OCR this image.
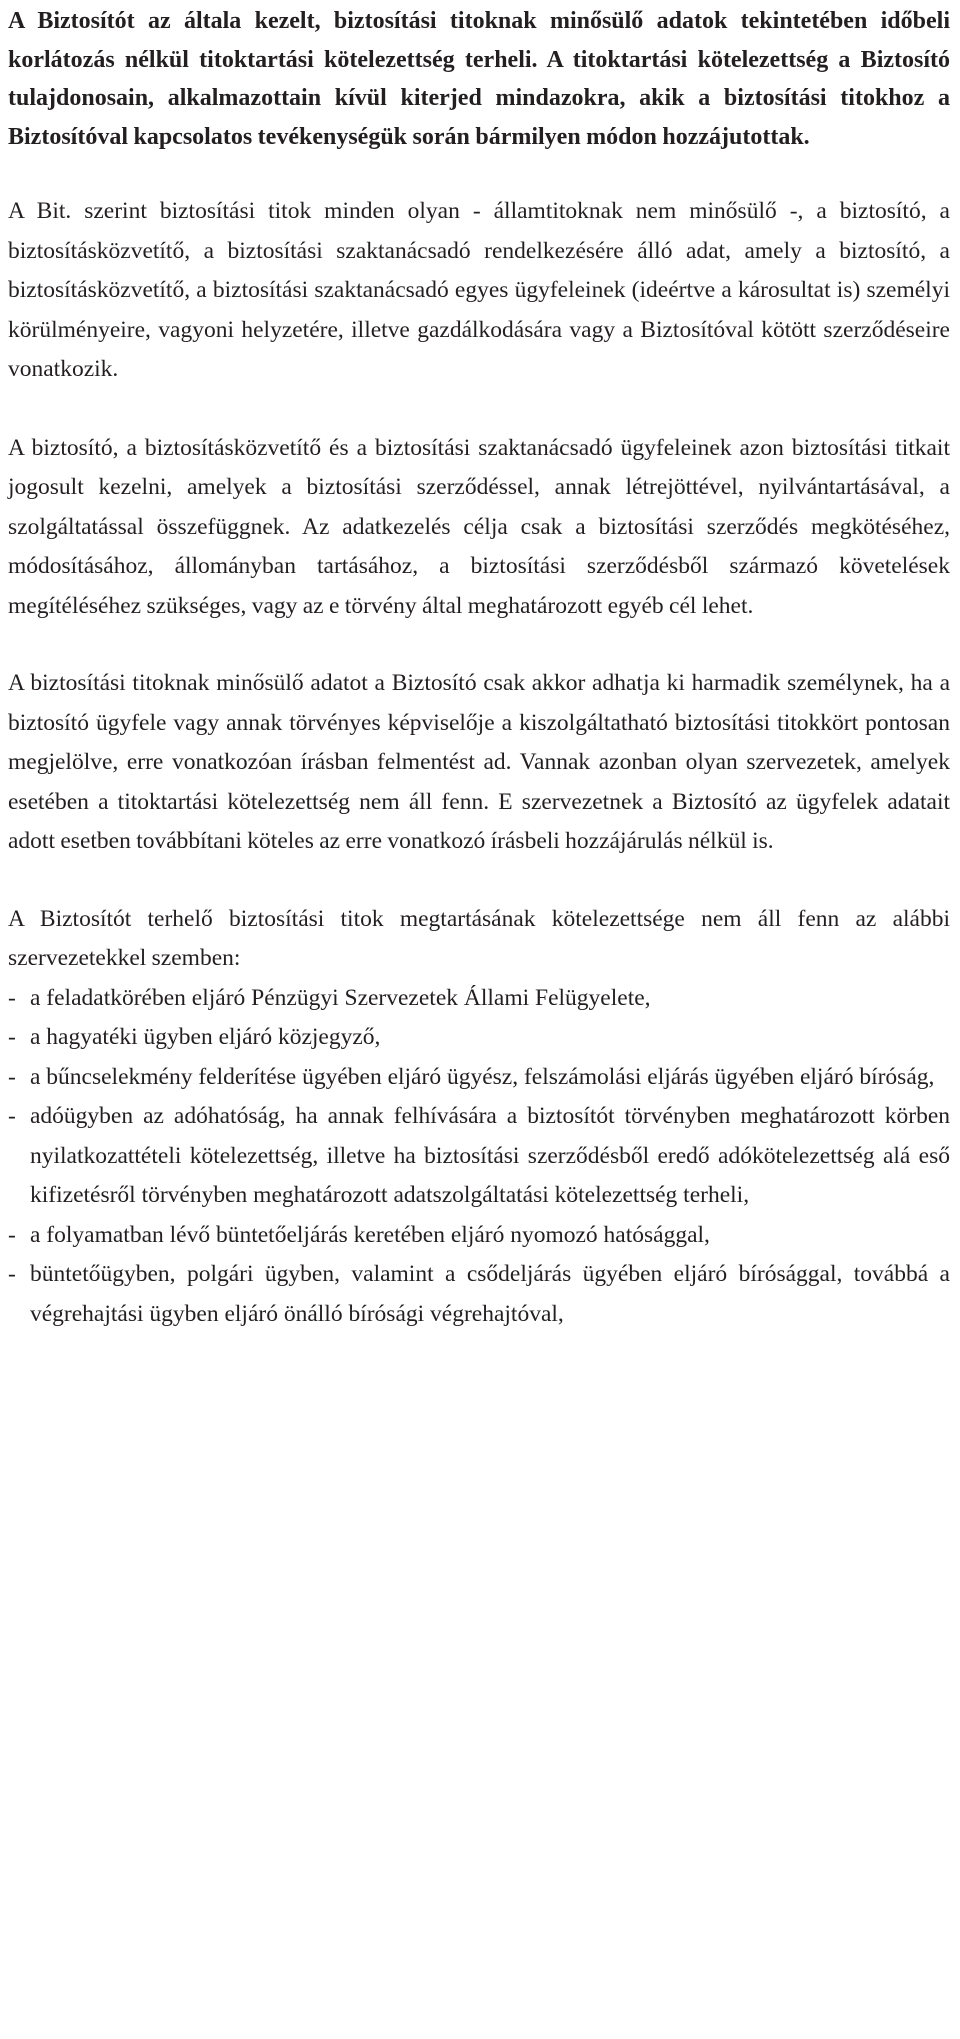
A Biztosítót az általa kezelt, biztosítási titoknak minősülő adatok tekintetében időbeli korlátozás nélkül titoktartási kötelezettség terheli. A titoktartási kötelezettség a Biztosító tulajdonosain, alkalmazottain kívül kiterjed mindazokra, akik a biztosítási titokhoz a Biztosítóval kapcsolatos tevékenységük során bármilyen módon hozzájutottak.

A Bit. szerint biztosítási titok minden olyan - államtitoknak nem minősülő -, a biztosító, a biztosításközvetítő, a biztosítási szaktanácsadó rendelkezésére álló adat, amely a biztosító, a biztosításközvetítő, a biztosítási szaktanácsadó egyes ügyfeleinek (ideértve a károsultat is) személyi körülményeire, vagyoni helyzetére, illetve gazdálkodására vagy a Biztosítóval kötött szerződéseire vonatkozik.

A biztosító, a biztosításközvetítő és a biztosítási szaktanácsadó ügyfeleinek azon biztosítási titkait jogosult kezelni, amelyek a biztosítási szerződéssel, annak létrejöttével, nyilvántartásával, a szolgáltatással összefüggnek. Az adatkezelés célja csak a biztosítási szerződés megkötéséhez, módosításához, állományban tartásához, a biztosítási szerződésből származó követelések megítéléséhez szükséges, vagy az e törvény által meghatározott egyéb cél lehet.

A biztosítási titoknak minősülő adatot a Biztosító csak akkor adhatja ki harmadik személynek, ha a biztosító ügyfele vagy annak törvényes képviselője a kiszolgáltatható biztosítási titokkört pontosan megjelölve, erre vonatkozóan írásban felmentést ad. Vannak azonban olyan szervezetek, amelyek esetében a titoktartási kötelezettség nem áll fenn. E szervezetnek a Biztosító az ügyfelek adatait adott esetben továbbítani köteles az erre vonatkozó írásbeli hozzájárulás nélkül is.

A Biztosítót terhelő biztosítási titok megtartásának kötelezettsége nem áll fenn az alábbi szervezetekkel szemben:

- a feladatkörében eljáró Pénzügyi Szervezetek Állami Felügyelete,
- a hagyatéki ügyben eljáró közjegyző,
- a bűncselekmény felderítése ügyében eljáró ügyész, felszámolási eljárás ügyében eljáró bíróság,
- adóügyben az adóhatóság, ha annak felhívására a biztosítót törvényben meghatározott körben nyilatkozattételi kötelezettség, illetve ha biztosítási szerződésből eredő adókötelezettség alá eső kifizetésről törvényben meghatározott adatszolgáltatási kötelezettség terheli,
- a folyamatban lévő büntetőeljárás keretében eljáró nyomozó hatósággal,
- büntetőügyben, polgári ügyben, valamint a csődeljárás ügyében eljáró bírósággal, továbbá a végrehajtási ügyben eljáró önálló bírósági végrehajtóval,
